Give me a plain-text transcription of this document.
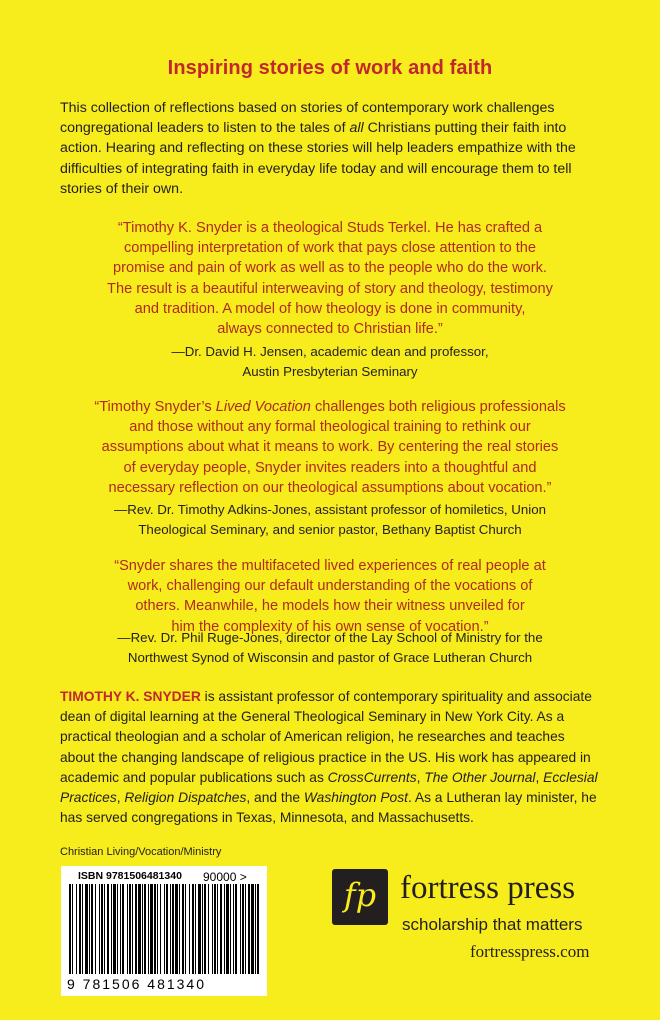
Inspiring stories of work and faith
This collection of reflections based on stories of contemporary work challenges congregational leaders to listen to the tales of all Christians putting their faith into action. Hearing and reflecting on these stories will help leaders empathize with the difficulties of integrating faith in everyday life today and will encourage them to tell stories of their own.
“Timothy K. Snyder is a theological Studs Terkel. He has crafted a
compelling interpretation of work that pays close attention to the
promise and pain of work as well as to the people who do the work.
The result is a beautiful interweaving of story and theology, testimony
and tradition. A model of how theology is done in community,
always connected to Christian life.”
—Dr. David H. Jensen, academic dean and professor,
Austin Presbyterian Seminary
“Timothy Snyder’s Lived Vocation challenges both religious professionals
and those without any formal theological training to rethink our
assumptions about what it means to work. By centering the real stories
of everyday people, Snyder invites readers into a thoughtful and
necessary reflection on our theological assumptions about vocation.”
—Rev. Dr. Timothy Adkins-Jones, assistant professor of homiletics, Union
Theological Seminary, and senior pastor, Bethany Baptist Church
“Snyder shares the multifaceted lived experiences of real people at
work, challenging our default understanding of the vocations of
others. Meanwhile, he models how their witness unveiled for
him the complexity of his own sense of vocation.”
—Rev. Dr. Phil Ruge-Jones, director of the Lay School of Ministry for the
Northwest Synod of Wisconsin and pastor of Grace Lutheran Church
TIMOTHY K. SNYDER is assistant professor of contemporary spirituality and associate
dean of digital learning at the General Theological Seminary in New York City. As a
practical theologian and a scholar of American religion, he researches and teaches
about the changing landscape of religious practice in the US. His work has appeared in
academic and popular publications such as CrossCurrents, The Other Journal, Ecclesial
Practices, Religion Dispatches, and the Washington Post. As a Lutheran lay minister, he
has served congregations in Texas, Minnesota, and Massachusetts.
Christian Living/Vocation/Ministry
ISBN 9781506481340 90000 >
9 781506 481340
fp fortress press
scholarship that matters
fortresspress.com
